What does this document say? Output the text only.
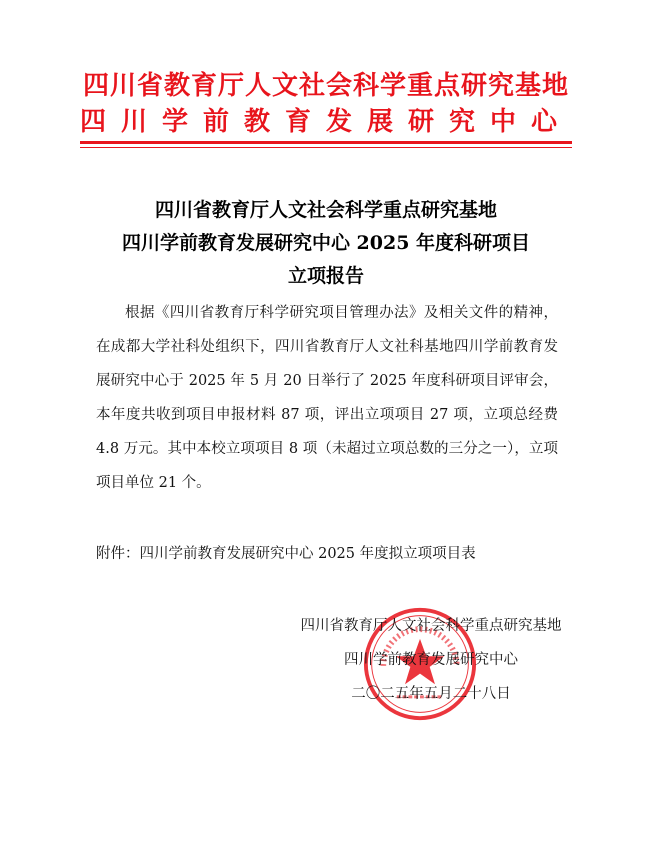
四川省教育厅人文社会科学重点研究基地
四川学前教育发展研究中心
四川省教育厅人文社会科学重点研究基地
四川学前教育发展研究中心 2025 年度科研项目
立项报告

根据《四川省教育厅科学研究项目管理办法》及相关文件的精神，在成都大学社科处组织下，四川省教育厅人文社科基地四川学前教育发展研究中心于 2025 年 5 月 20 日举行了 2025 年度科研项目评审会，本年度共收到项目申报材料 87 项，评出立项项目 27 项，立项总经费 4.8 万元。其中本校立项项目 8 项（未超过立项总数的三分之一），立项项目单位 21 个。

附件：四川学前教育发展研究中心 2025 年度拟立项项目表
四川省教育厅人文社会科学重点研究基地
四川学前教育发展研究中心
二〇二五年五月二十八日
